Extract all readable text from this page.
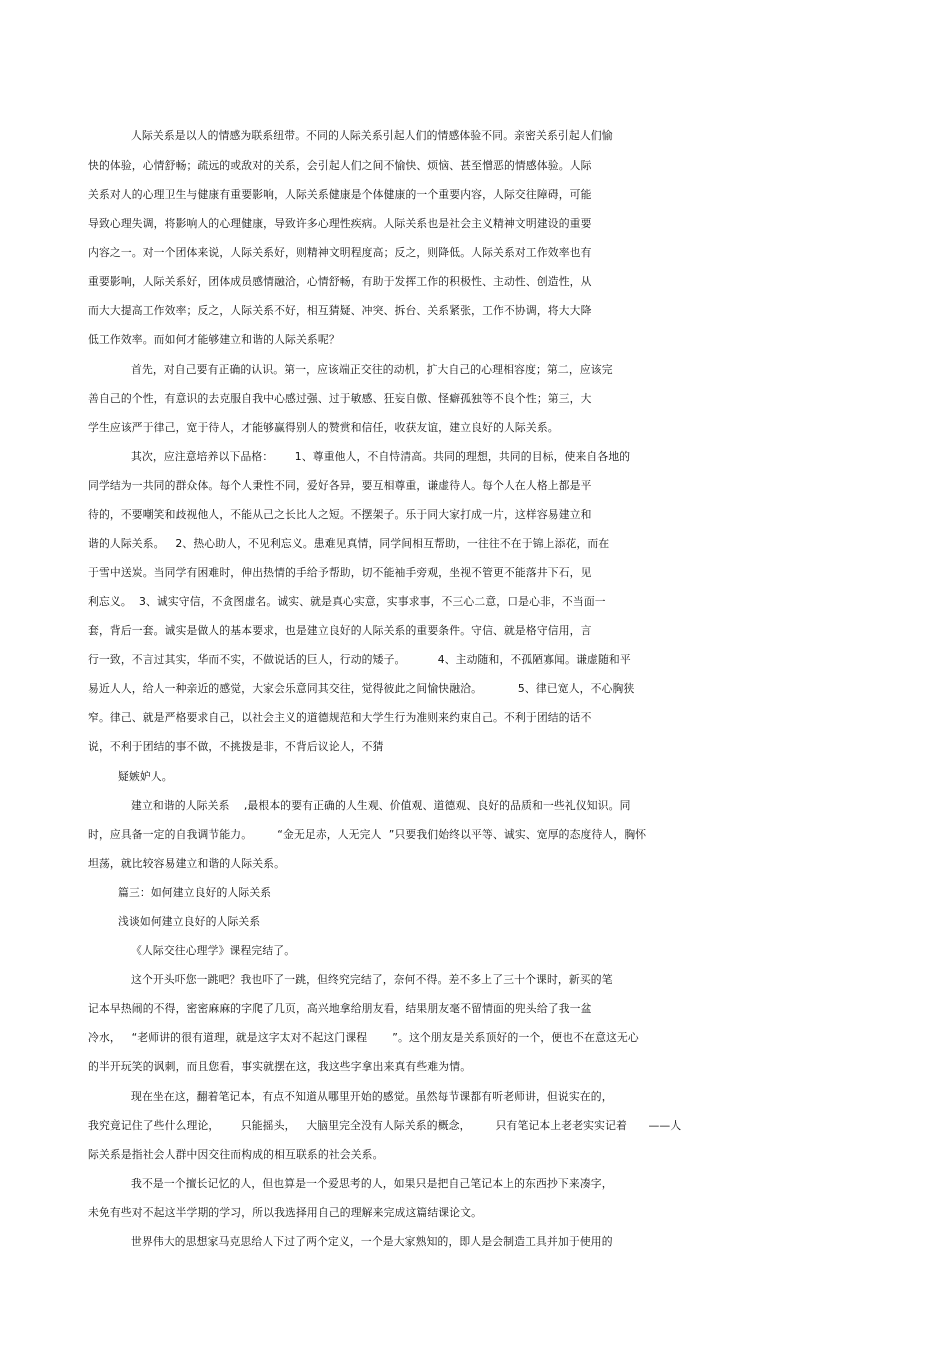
人际关系是以人的情感为联系纽带。不同的人际关系引起人们的情感体验不同。亲密关系引起人们愉
快的体验，心情舒畅；疏远的或敌对的关系，会引起人们之间不愉快、烦恼、甚至憎恶的情感体验。人际
关系对人的心理卫生与健康有重要影响，人际关系健康是个体健康的一个重要内容，人际交往障碍，可能
导致心理失调，将影响人的心理健康，导致许多心理性疾病。人际关系也是社会主义精神文明建设的重要
内容之一。对一个团体来说，人际关系好，则精神文明程度高；反之，则降低。人际关系对工作效率也有
重要影响，人际关系好，团体成员感情融洽，心情舒畅，有助于发挥工作的积极性、主动性、创造性，从
而大大提高工作效率；反之，人际关系不好，相互猜疑、冲突、拆台、关系紧张，工作不协调，将大大降
低工作效率。而如何才能够建立和谐的人际关系呢？
首先，对自己要有正确的认识。第一，应该端正交往的动机，扩大自己的心理相容度；第二，应该完
善自己的个性，有意识的去克服自我中心感过强、过于敏感、狂妄自傲、怪癖孤独等不良个性；第三，大
学生应该严于律己，宽于待人，才能够赢得别人的赞赏和信任，收获友谊，建立良好的人际关系。
其次，应注意培养以下品格：      1、尊重他人，不自恃清高。共同的理想，共同的目标，使来自各地的
同学结为一共同的群众体。每个人秉性不同，爱好各异，要互相尊重，谦虚待人。每个人在人格上都是平
待的，不要嘲笑和歧视他人，不能从己之长比人之短。不摆架子。乐于同大家打成一片，这样容易建立和
谐的人际关系。   2、热心助人，不见利忘义。患难见真情，同学间相互帮助，一往往不在于锦上添花，而在
于雪中送炭。当同学有困难时，伸出热情的手给予帮助，切不能袖手旁观，坐视不管更不能落井下石，见
利忘义。  3、诚实守信，不贪图虚名。诚实、就是真心实意，实事求事，不三心二意，口是心非，不当面一
套，背后一套。诚实是做人的基本要求，也是建立良好的人际关系的重要条件。守信、就是格守信用，言
行一致，不言过其实，华而不实，不做说话的巨人，行动的矮子。         4、主动随和，不孤陋寡闻。谦虚随和平
易近人人，给人一种亲近的感觉，大家会乐意同其交往，觉得彼此之间愉快融洽。          5、律已宽人，不心胸狭
窄。律己、就是严格要求自己，以社会主义的道德规范和大学生行为准则来约束自己。不利于团结的话不
说，不利于团结的事不做，不挑拨是非，不背后议论人，不猜
疑嫉妒人。
建立和谐的人际关系    ,最根本的要有正确的人生观、价值观、道德观、良好的品质和一些礼仪知识。同
时，应具备一定的自我调节能力。       “金无足赤，人无完人  ”只要我们始终以平等、诚实、宽厚的态度待人，胸怀
坦荡，就比较容易建立和谐的人际关系。
篇三：如何建立良好的人际关系
浅谈如何建立良好的人际关系
《人际交往心理学》课程完结了。
这个开头吓您一跳吧？我也吓了一跳，但终究完结了，奈何不得。差不多上了三十个课时，新买的笔
记本早热闹的不得，密密麻麻的字爬了几页，高兴地拿给朋友看，结果朋友毫不留情面的兜头给了我一盆
冷水，   “老师讲的很有道理，就是这字太对不起这门课程       ”。这个朋友是关系顶好的一个，便也不在意这无心
的半开玩笑的讽刺，而且您看，事实就摆在这，我这些字拿出来真有些难为情。
现在坐在这，翻着笔记本，有点不知道从哪里开始的感觉。虽然每节课都有听老师讲，但说实在的，
我究竟记住了些什么理论，      只能摇头，   大脑里完全没有人际关系的概念，       只有笔记本上老老实实记着      ——人
际关系是指社会人群中因交往而构成的相互联系的社会关系。
我不是一个擅长记忆的人，但也算是一个爱思考的人，如果只是把自己笔记本上的东西抄下来凑字，
未免有些对不起这半学期的学习，所以我选择用自己的理解来完成这篇结课论文。
世界伟大的思想家马克思给人下过了两个定义，一个是大家熟知的，即人是会制造工具并加于使用的
